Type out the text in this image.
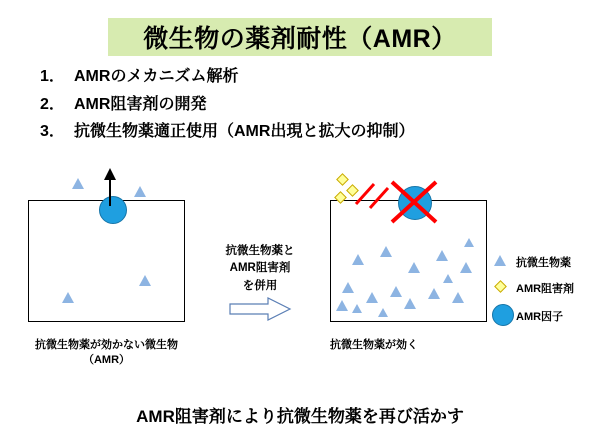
微生物の薬剤耐性（AMR）
1． AMRのメカニズム解析
2． AMR阻害剤の開発
3． 抗微生物薬適正使用（AMR出現と拡大の抑制）
抗微生物薬が効かない微生物
（AMR）
抗微生物薬と
AMR阻害剤
を併用
抗微生物薬が効く
抗微生物薬
AMR阻害剤
AMR因子
AMR阻害剤により抗微生物薬を再び活かす
